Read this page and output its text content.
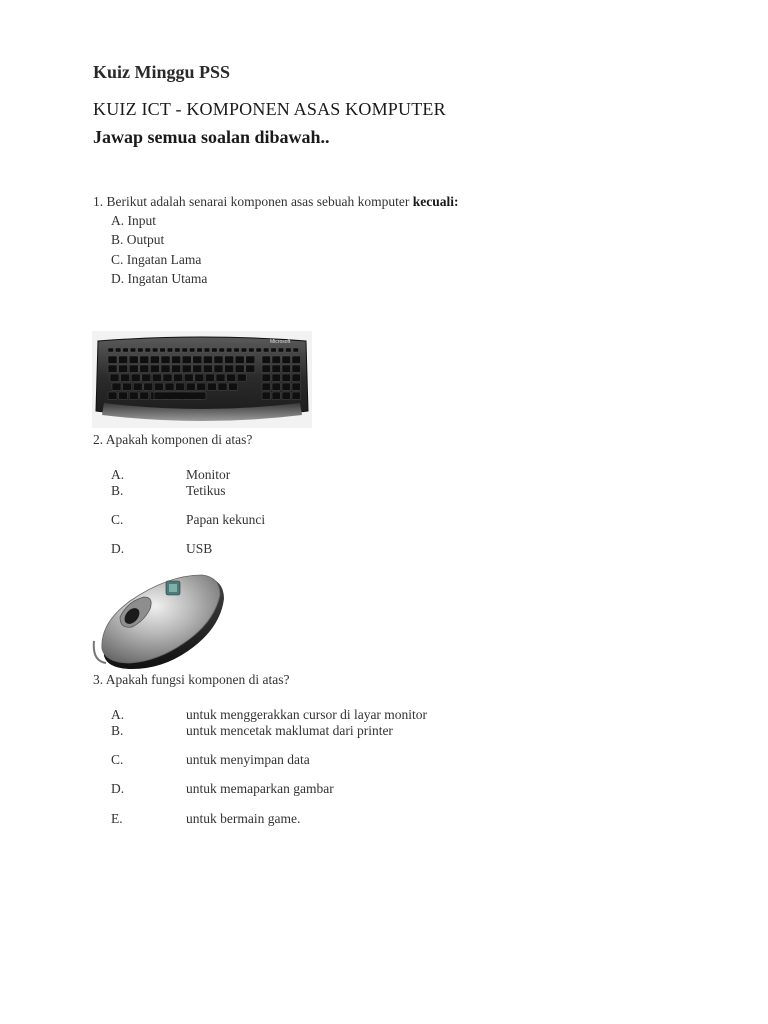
Kuiz Minggu PSS
KUIZ ICT - KOMPONEN ASAS KOMPUTER
Jawap semua soalan dibawah..
1. Berikut adalah senarai komponen asas sebuah komputer kecuali:
A. Input
B. Output
C. Ingatan Lama
D. Ingatan Utama
Microsoft
2. Apakah komponen di atas?
A.	Monitor
B.	Tetikus
C.	Papan kekunci
D.	USB
3. Apakah fungsi komponen di atas?
A.	untuk menggerakkan cursor di layar monitor
B.	untuk mencetak maklumat dari printer
C.	untuk menyimpan data
D.	untuk memaparkan gambar
E.	untuk bermain game.
